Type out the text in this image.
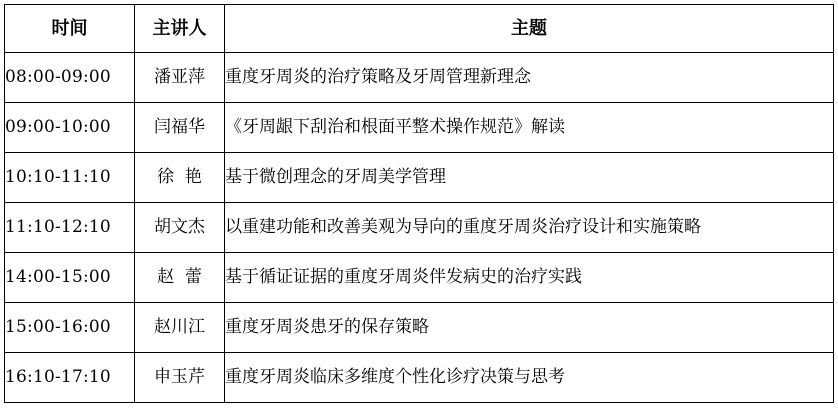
时间	主讲人	主题
08:00-09:00	潘亚萍	重度牙周炎的治疗策略及牙周管理新理念
09:00-10:00	闫福华	《牙周龈下刮治和根面平整术操作规范》解读
10:10-11:10	徐  艳	基于微创理念的牙周美学管理
11:10-12:10	胡文杰	以重建功能和改善美观为导向的重度牙周炎治疗设计和实施策略
14:00-15:00	赵  蕾	基于循证证据的重度牙周炎伴发病史的治疗实践
15:00-16:00	赵川江	重度牙周炎患牙的保存策略
16:10-17:10	申玉芹	重度牙周炎临床多维度个性化诊疗决策与思考
